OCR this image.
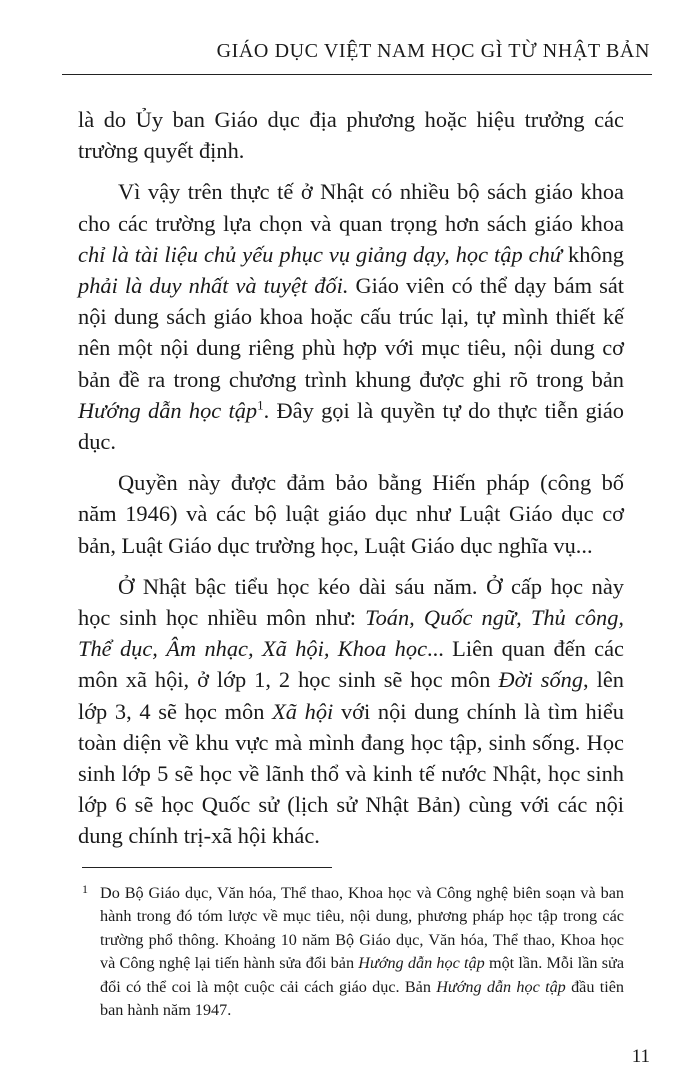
GIÁO DỤC VIỆT NAM HỌC GÌ TỪ NHẬT BẢN

là do Ủy ban Giáo dục địa phương hoặc hiệu trưởng các trường quyết định.

Vì vậy trên thực tế ở Nhật có nhiều bộ sách giáo khoa cho các trường lựa chọn và quan trọng hơn sách giáo khoa chỉ là tài liệu chủ yếu phục vụ giảng dạy, học tập chứ không phải là duy nhất và tuyệt đối. Giáo viên có thể dạy bám sát nội dung sách giáo khoa hoặc cấu trúc lại, tự mình thiết kế nên một nội dung riêng phù hợp với mục tiêu, nội dung cơ bản đề ra trong chương trình khung được ghi rõ trong bản Hướng dẫn học tập$^1$. Đây gọi là quyền tự do thực tiễn giáo dục.

Quyền này được đảm bảo bằng Hiến pháp (công bố năm 1946) và các bộ luật giáo dục như Luật Giáo dục cơ bản, Luật Giáo dục trường học, Luật Giáo dục nghĩa vụ...

Ở Nhật bậc tiểu học kéo dài sáu năm. Ở cấp học này học sinh học nhiều môn như: Toán, Quốc ngữ, Thủ công, Thể dục, Âm nhạc, Xã hội, Khoa học... Liên quan đến các môn xã hội, ở lớp 1, 2 học sinh sẽ học môn Đời sống, lên lớp 3, 4 sẽ học môn Xã hội với nội dung chính là tìm hiểu toàn diện về khu vực mà mình đang học tập, sinh sống. Học sinh lớp 5 sẽ học về lãnh thổ và kinh tế nước Nhật, học sinh lớp 6 sẽ học Quốc sử (lịch sử Nhật Bản) cùng với các nội dung chính trị-xã hội khác.

1 Do Bộ Giáo dục, Văn hóa, Thể thao, Khoa học và Công nghệ biên soạn và ban hành trong đó tóm lược về mục tiêu, nội dung, phương pháp học tập trong các trường phổ thông. Khoảng 10 năm Bộ Giáo dục, Văn hóa, Thể thao, Khoa học và Công nghệ lại tiến hành sửa đổi bản Hướng dẫn học tập một lần. Mỗi lần sửa đổi có thể coi là một cuộc cải cách giáo dục. Bản Hướng dẫn học tập đầu tiên ban hành năm 1947.
11
